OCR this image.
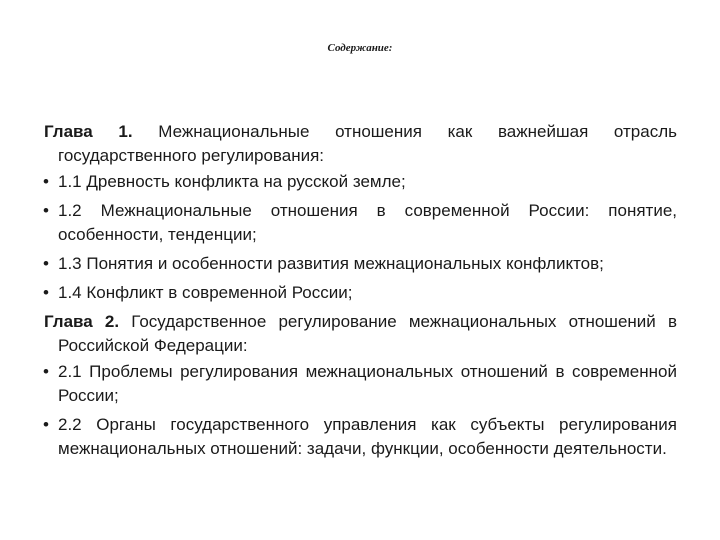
Содержание:
Глава 1. Межнациональные отношения как важнейшая отрасль государственного регулирования:
• 1.1 Древность конфликта на русской земле;
• 1.2 Межнациональные отношения в современной России: понятие, особенности, тенденции;
• 1.3 Понятия и особенности развития межнациональных конфликтов;
• 1.4 Конфликт в современной России;
Глава 2. Государственное регулирование межнациональных отношений в Российской Федерации:
• 2.1 Проблемы регулирования межнациональных отношений в современной России;
• 2.2 Органы государственного управления как субъекты регулирования межнациональных отношений: задачи, функции, особенности деятельности.
